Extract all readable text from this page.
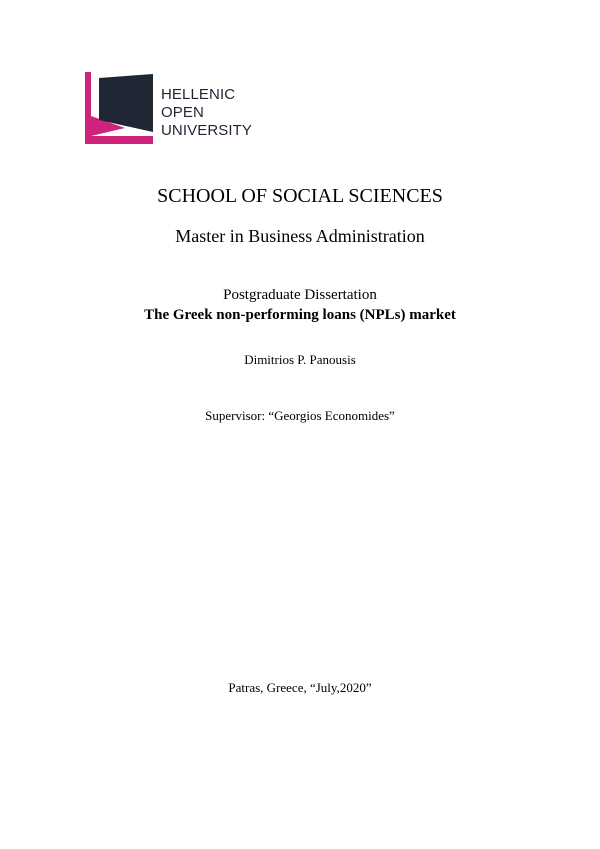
HELLENIC
OPEN
UNIVERSITY
SCHOOL OF SOCIAL SCIENCES
Master in Business Administration
Postgraduate Dissertation
The Greek non-performing loans (NPLs) market
Dimitrios P. Panousis
Supervisor: “Georgios Economides”
Patras, Greece, “July,2020”
